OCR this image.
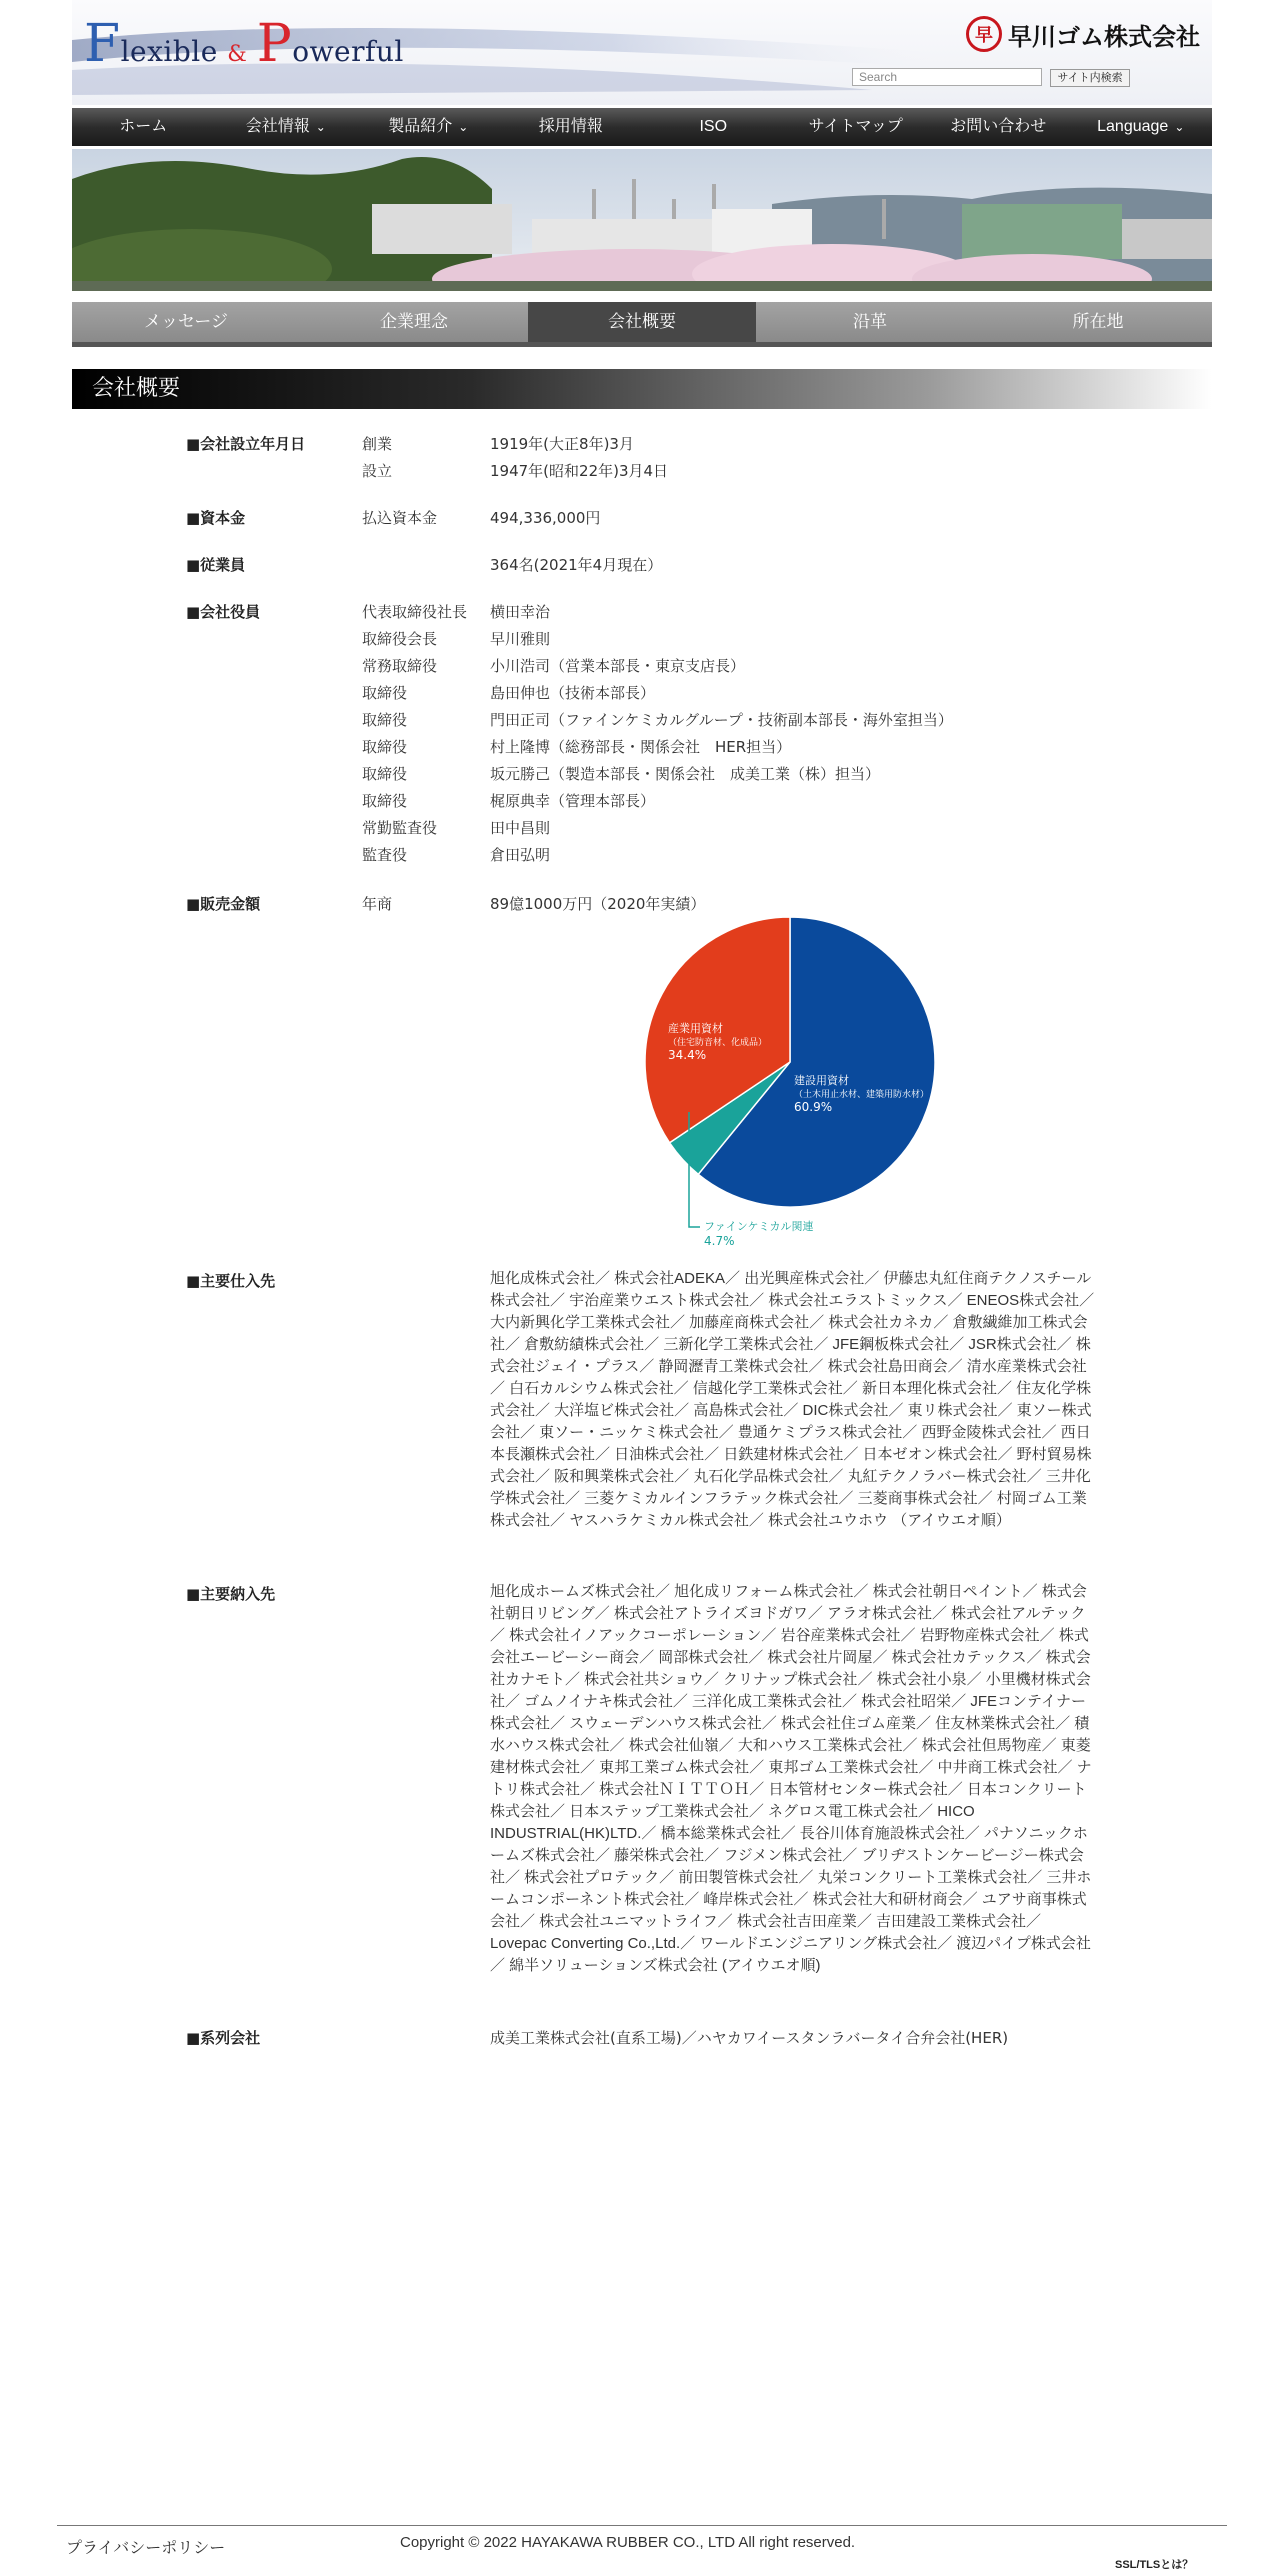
Flexible & Powerful	早 早川ゴム株式会社
Search	サイト内検索
ホーム	会社情報 ⌄	製品紹介 ⌄	採用情報	ISO	サイトマップ	お問い合わせ	Language ⌄
メッセージ	企業理念	会社概要	沿革	所在地
会社概要
■会社設立年月日	創業	1919年(大正8年)3月
設立	1947年(昭和22年)3月4日
■資本金	払込資本金	494,336,000円
■従業員	364名(2021年4月現在）
■会社役員	代表取締役社長 横田幸治
取締役会長	早川雅則
常務取締役	小川浩司（営業本部長・東京支店長）
取締役	島田伸也（技術本部長）
取締役	門田正司（ファインケミカルグループ・技術副本部長・海外室担当）
取締役	村上隆博（総務部長・関係会社　HER担当）
取締役	坂元勝己（製造本部長・関係会社　成美工業（株）担当）
取締役	梶原典幸（管理本部長）
常勤監査役	田中昌則
監査役	倉田弘明
■販売金額	年商	89億1000万円（2020年実績）
建設用資材
（土木用止水材、建築用防水材）
60.9%
産業用資材
（住宅防音材、化成品）
34.4%
ファインケミカル関連
4.7%
■主要仕入先	旭化成株式会社／ 株式会社ADEKA／ 出光興産株式会社／ 伊藤忠丸紅住商テクノスチール株式会社／ 宇治産業ウエスト株式会社／ 株式会社エラストミックス／ ENEOS株式会社／ 大内新興化学工業株式会社／ 加藤産商株式会社／ 株式会社カネカ／ 倉敷繊維加工株式会社／ 倉敷紡績株式会社／ 三新化学工業株式会社／ JFE鋼板株式会社／ JSR株式会社／ 株式会社ジェイ・プラス／ 静岡瀝青工業株式会社／ 株式会社島田商会／ 清水産業株式会社／ 白石カルシウム株式会社／ 信越化学工業株式会社／ 新日本理化株式会社／ 住友化学株式会社／ 大洋塩ビ株式会社／ 高島株式会社／ DIC株式会社／ 東リ株式会社／ 東ソー株式会社／ 東ソー・ニッケミ株式会社／ 豊通ケミプラス株式会社／ 西野金陵株式会社／ 西日本長瀬株式会社／ 日油株式会社／ 日鉄建材株式会社／ 日本ゼオン株式会社／ 野村貿易株式会社／ 阪和興業株式会社／ 丸石化学品株式会社／ 丸紅テクノラバー株式会社／ 三井化学株式会社／ 三菱ケミカルインフラテック株式会社／ 三菱商事株式会社／ 村岡ゴム工業株式会社／ ヤスハラケミカル株式会社／ 株式会社ユウホウ （アイウエオ順）
■主要納入先	旭化成ホームズ株式会社／ 旭化成リフォーム株式会社／ 株式会社朝日ペイント／ 株式会社朝日リビング／ 株式会社アトライズヨドガワ／ アラオ株式会社／ 株式会社アルテック／ 株式会社イノアックコーポレーション／ 岩谷産業株式会社／ 岩野物産株式会社／ 株式会社エービーシー商会／ 岡部株式会社／ 株式会社片岡屋／ 株式会社カテックス／ 株式会社カナモト／ 株式会社共ショウ／ クリナップ株式会社／ 株式会社小泉／ 小里機材株式会社／ ゴムノイナキ株式会社／ 三洋化成工業株式会社／ 株式会社昭栄／ JFEコンテイナー株式会社／ スウェーデンハウス株式会社／ 株式会社住ゴム産業／ 住友林業株式会社／ 積水ハウス株式会社／ 株式会社仙嶺／ 大和ハウス工業株式会社／ 株式会社但馬物産／ 東菱建材株式会社／ 東邦工業ゴム株式会社／ 東邦ゴム工業株式会社／ 中井商工株式会社／ ナトリ株式会社／ 株式会社ＮＩＴＴＯＨ／ 日本管材センター株式会社／ 日本コンクリート株式会社／ 日本ステップ工業株式会社／ ネグロス電工株式会社／ HICO INDUSTRIAL(HK)LTD.／ 橋本総業株式会社／ 長谷川体育施設株式会社／ パナソニックホームズ株式会社／ 藤栄株式会社／ フジメン株式会社／ ブリヂストンケービージー株式会社／ 株式会社プロテック／ 前田製管株式会社／ 丸栄コンクリート工業株式会社／ 三井ホームコンポーネント株式会社／ 峰岸株式会社／ 株式会社大和研材商会／ ユアサ商事株式会社／ 株式会社ユニマットライフ／ 株式会社吉田産業／ 吉田建設工業株式会社／ Lovepac Converting Co.,Ltd.／ ワールドエンジニアリング株式会社／ 渡辺パイプ株式会社／ 綿半ソリューションズ株式会社 (アイウエオ順)
■系列会社	成美工業株式会社(直系工場)／ハヤカワイースタンラバータイ合弁会社(HER)
プライバシーポリシー	Copyright © 2022 HAYAKAWA RUBBER CO., LTD All right reserved.
SSL/TLSとは？
